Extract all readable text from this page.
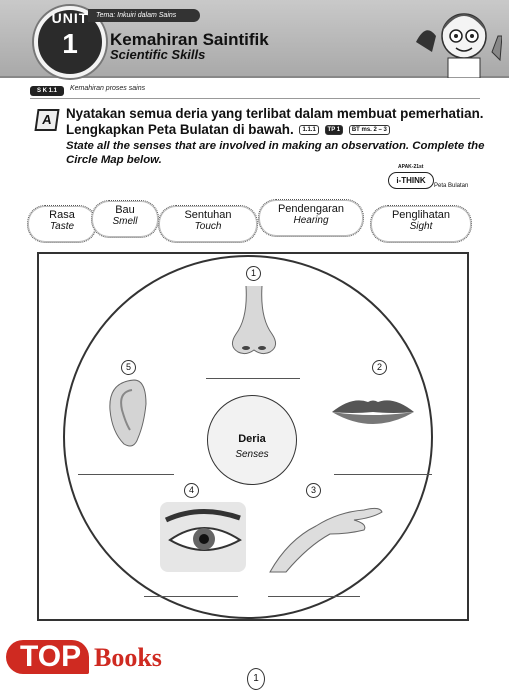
UNIT
1
Tema: Inkuiri dalam Sains
Kemahiran Saintifik
Scientific Skills
S K 1.1	Kemahiran proses sains
A Nyatakan semua deria yang terlibat dalam membuat pemerhatian.
Lengkapkan Peta Bulatan di bawah. 1.1.1 TP 1 BT ms. 2 – 3
State all the senses that are involved in making an observation. Complete the Circle Map below.
APAK-21st
i-THINK
Peta Bulatan
Rasa
Taste
Bau
Smell
Sentuhan
Touch
Pendengaran
Hearing	Penglihatan
Sight
Deria
Senses
1
2
3
4
5
TOP Books
1
